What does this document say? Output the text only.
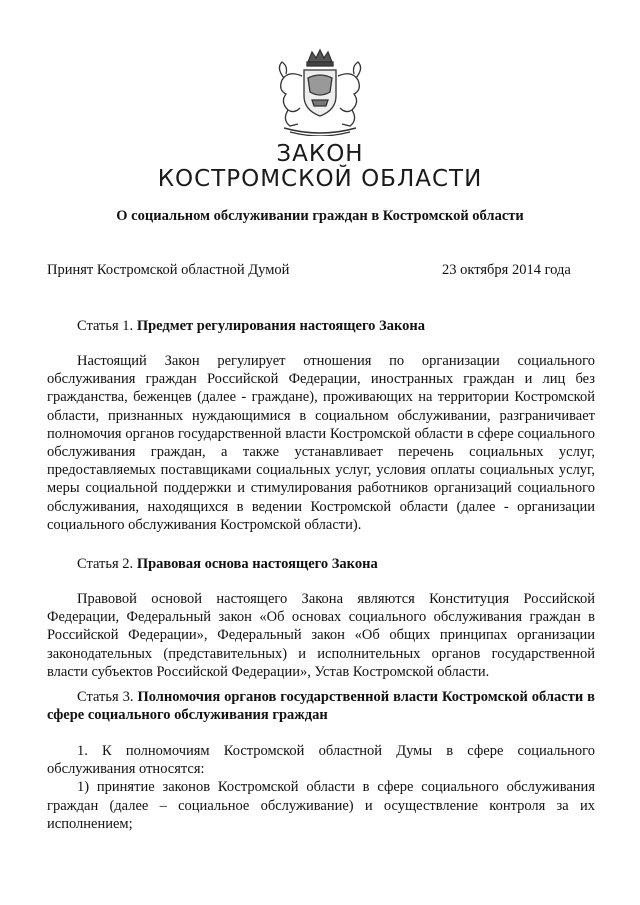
ЗАКОН
КОСТРОМСКОЙ ОБЛАСТИ
О социальном обслуживании граждан в Костромской области
Принят Костромской областной Думой	23 октября 2014 года
Статья 1. Предмет регулирования настоящего Закона

Настоящий Закон регулирует отношения по организации социального обслуживания граждан Российской Федерации, иностранных граждан и лиц без гражданства, беженцев (далее - граждане), проживающих на территории Костромской области, признанных нуждающимися в социальном обслуживании, разграничивает полномочия органов государственной власти Костромской области в сфере социального обслуживания граждан, а также устанавливает перечень социальных услуг, предоставляемых поставщиками социальных услуг, условия оплаты социальных услуг, меры социальной поддержки и стимулирования работников организаций социального обслуживания, находящихся в ведении Костромской области (далее - организации социального обслуживания Костромской области).

Статья 2. Правовая основа настоящего Закона

Правовой основой настоящего Закона являются Конституция Российской Федерации, Федеральный закон «Об основах социального обслуживания граждан в Российской Федерации», Федеральный закон «Об общих принципах организации законодательных (представительных) и исполнительных органов государственной власти субъектов Российской Федерации», Устав Костромской области.

Статья 3. Полномочия органов государственной власти Костромской области в сфере социального обслуживания граждан

1. К полномочиям Костромской областной Думы в сфере социального обслуживания относятся:

1) принятие законов Костромской области в сфере социального обслуживания граждан (далее – социальное обслуживание) и осуществление контроля за их исполнением;
